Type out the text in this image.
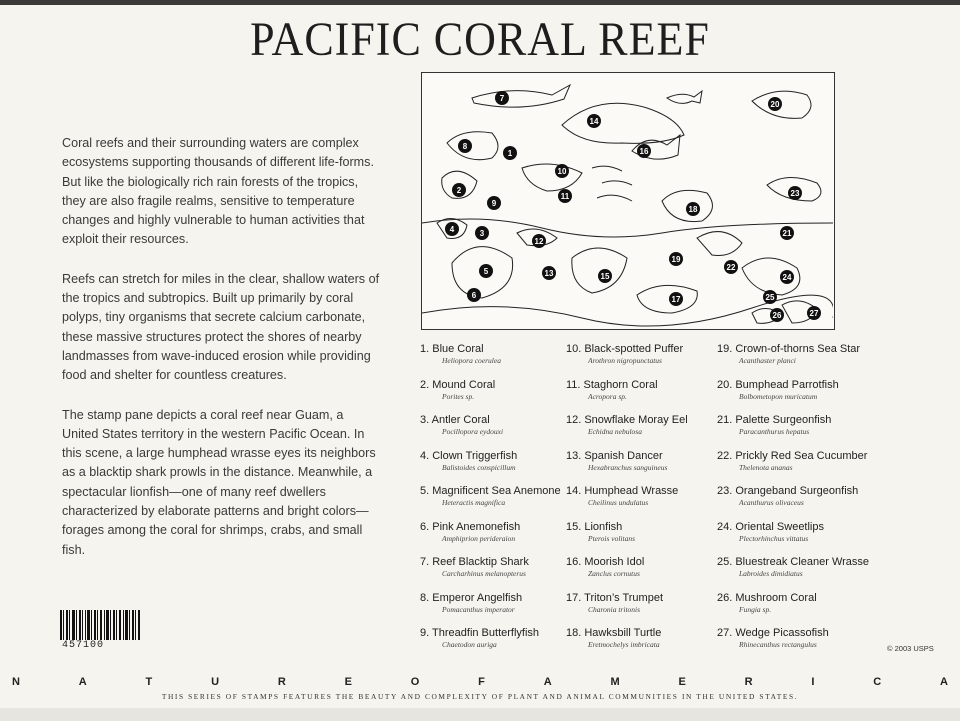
PACIFIC CORAL REEF

Coral reefs and their surrounding waters are complex ecosystems supporting thousands of different life-forms. But like the biologically rich rain forests of the tropics, they are also fragile realms, sensitive to temperature changes and highly vulnerable to human activities that exploit their resources.

Reefs can stretch for miles in the clear, shallow waters of the tropics and subtropics. Built up primarily by coral polyps, tiny organisms that secrete calcium carbonate, these massive structures protect the shores of nearby landmasses from wave-induced erosion while providing food and shelter for countless creatures.

The stamp pane depicts a coral reef near Guam, a United States territory in the western Pacific Ocean. In this scene, a large humphead wrasse eyes its neighbors as a blacktip shark prowls in the distance. Meanwhile, a spectacular lionfish—one of many reef dwellers characterized by elaborate patterns and bright colors—forages among the coral for shrimps, crabs, and small fish.

457100
1
2
3
4
5
6
7
8
9
10
11
12
13
14
15
16
17
18
19
20
21
22
23
24
25
26	27
1. Blue Coral
Heliopora coerulea
2. Mound Coral
Porites sp.
3. Antler Coral
Pocillopora eydouxi
4. Clown Triggerfish
Balistoides conspicillum
5. Magnificent Sea Anemone
Heteractis magnifica
6. Pink Anemonefish
Amphiprion perideraion
7. Reef Blacktip Shark
Carcharhinus melanopterus
8. Emperor Angelfish
Pomacanthus imperator
9. Threadfin Butterflyfish
Chaetodon auriga
10. Black-spotted Puffer
Arothron nigropunctatus
11. Staghorn Coral
Acropora sp.
12. Snowflake Moray Eel
Echidna nebulosa
13. Spanish Dancer
Hexabranchus sanguineus
14. Humphead Wrasse
Cheilinus undulatus
15. Lionfish
Pterois volitans
16. Moorish Idol
Zanclus cornutus
17. Triton’s Trumpet
Charonia tritonis
18. Hawksbill Turtle
Eretmochelys imbricata
19. Crown-of-thorns Sea Star
Acanthaster planci
20. Bumphead Parrotfish
Bolbometopon muricatum
21. Palette Surgeonfish
Paracanthurus hepatus
22. Prickly Red Sea Cucumber
Thelenota ananas
23. Orangeband Surgeonfish
Acanthurus olivaceus
24. Oriental Sweetlips
Plectorhinchus vittatus
25. Bluestreak Cleaner Wrasse
Labroides dimidiatus
26. Mushroom Coral
Fungia sp.
27. Wedge Picassofish
Rhinecanthus rectangulus	© 2003 USPS
N	A	T	U	R	E	O	F	A	M	E	R	I	C	A
THIS SERIES OF STAMPS FEATURES THE BEAUTY AND COMPLEXITY OF PLANT AND ANIMAL COMMUNITIES IN THE UNITED STATES.
